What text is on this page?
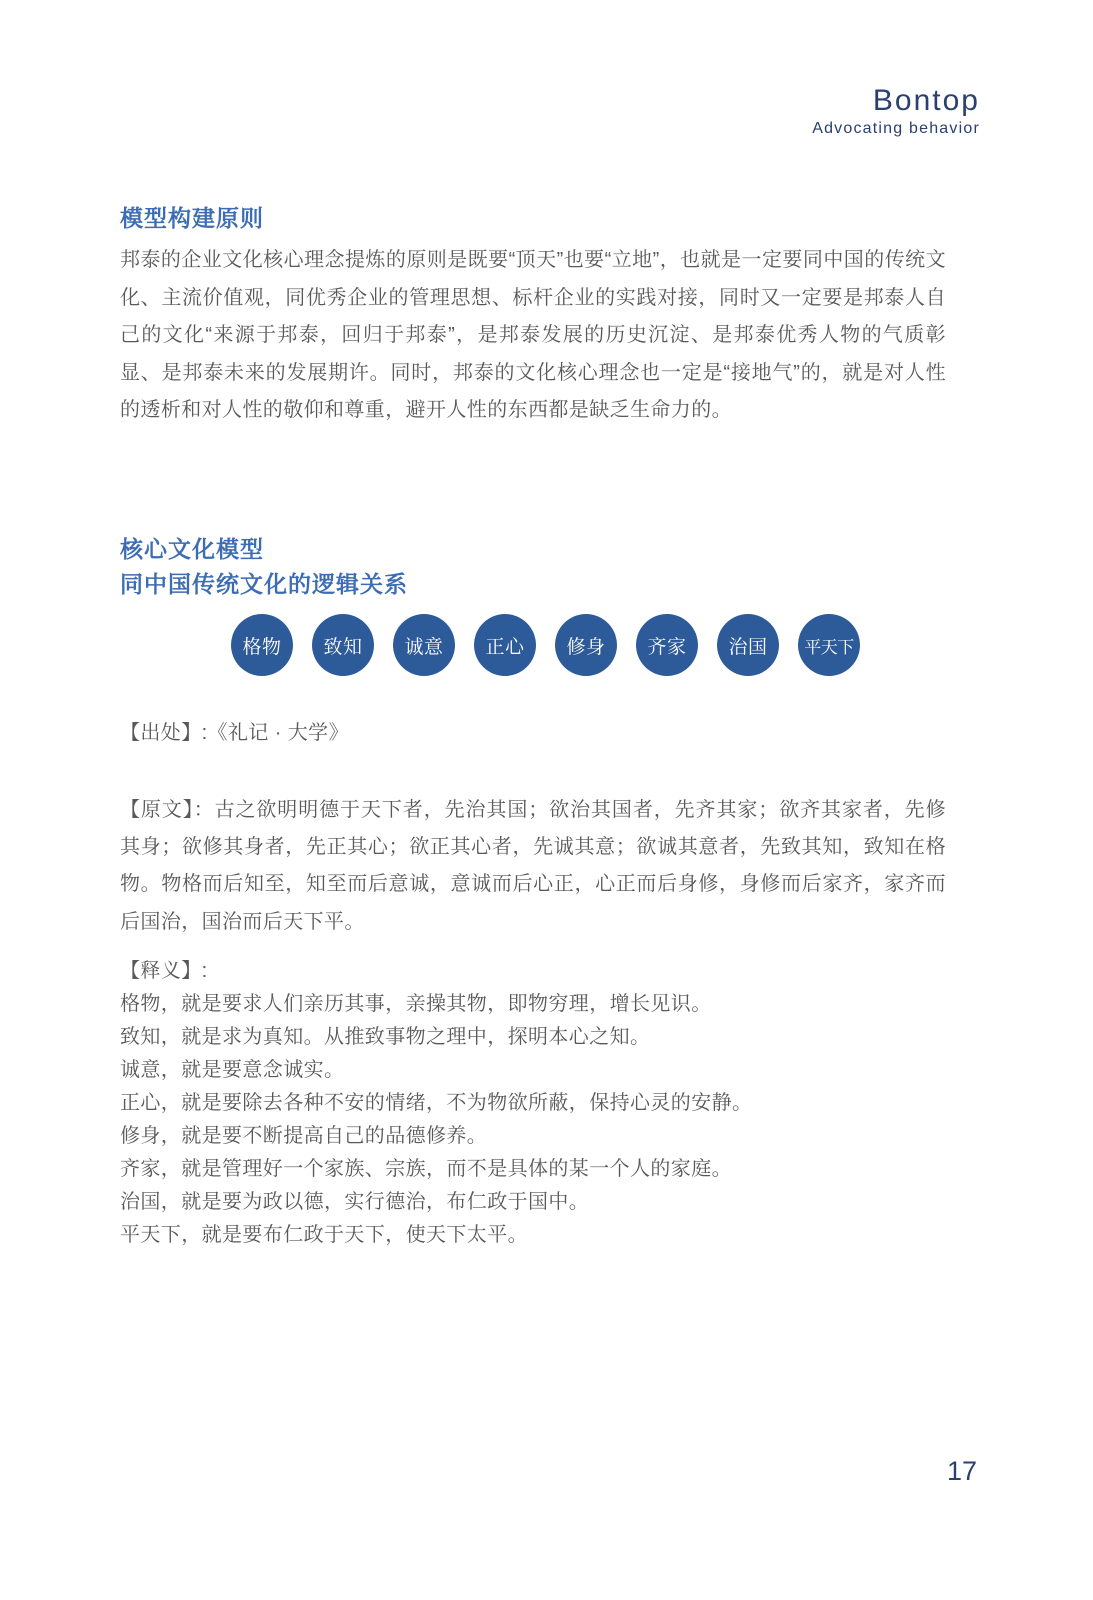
Bontop
Advocating behavior
模型构建原则

邦泰的企业文化核心理念提炼的原则是既要“顶天”也要“立地”，也就是一定要同中国的传统文化、主流价值观，同优秀企业的管理思想、标杆企业的实践对接，同时又一定要是邦泰人自己的文化“来源于邦泰，回归于邦泰”，是邦泰发展的历史沉淀、是邦泰优秀人物的气质彰显、是邦泰未来的发展期许。同时，邦泰的文化核心理念也一定是“接地气”的，就是对人性的透析和对人性的敬仰和尊重，避开人性的东西都是缺乏生命力的。

核心文化模型
同中国传统文化的逻辑关系
格物	致知	诚意	正心	修身	齐家	治国	平天下

【出处】:《礼记 · 大学》

【原文】：古之欲明明德于天下者，先治其国；欲治其国者，先齐其家；欲齐其家者，先修其身；欲修其身者，先正其心；欲正其心者，先诚其意；欲诚其意者，先致其知，致知在格物。物格而后知至，知至而后意诚，意诚而后心正，心正而后身修，身修而后家齐，家齐而后国治，国治而后天下平。

【释义】:

格物，就是要求人们亲历其事，亲操其物，即物穷理，增长见识。

致知，就是求为真知。从推致事物之理中，探明本心之知。

诚意，就是要意念诚实。

正心，就是要除去各种不安的情绪，不为物欲所蔽，保持心灵的安静。

修身，就是要不断提高自己的品德修养。

齐家，就是管理好一个家族、宗族，而不是具体的某一个人的家庭。

治国，就是要为政以德，实行德治，布仁政于国中。

平天下，就是要布仁政于天下，使天下太平。

17
